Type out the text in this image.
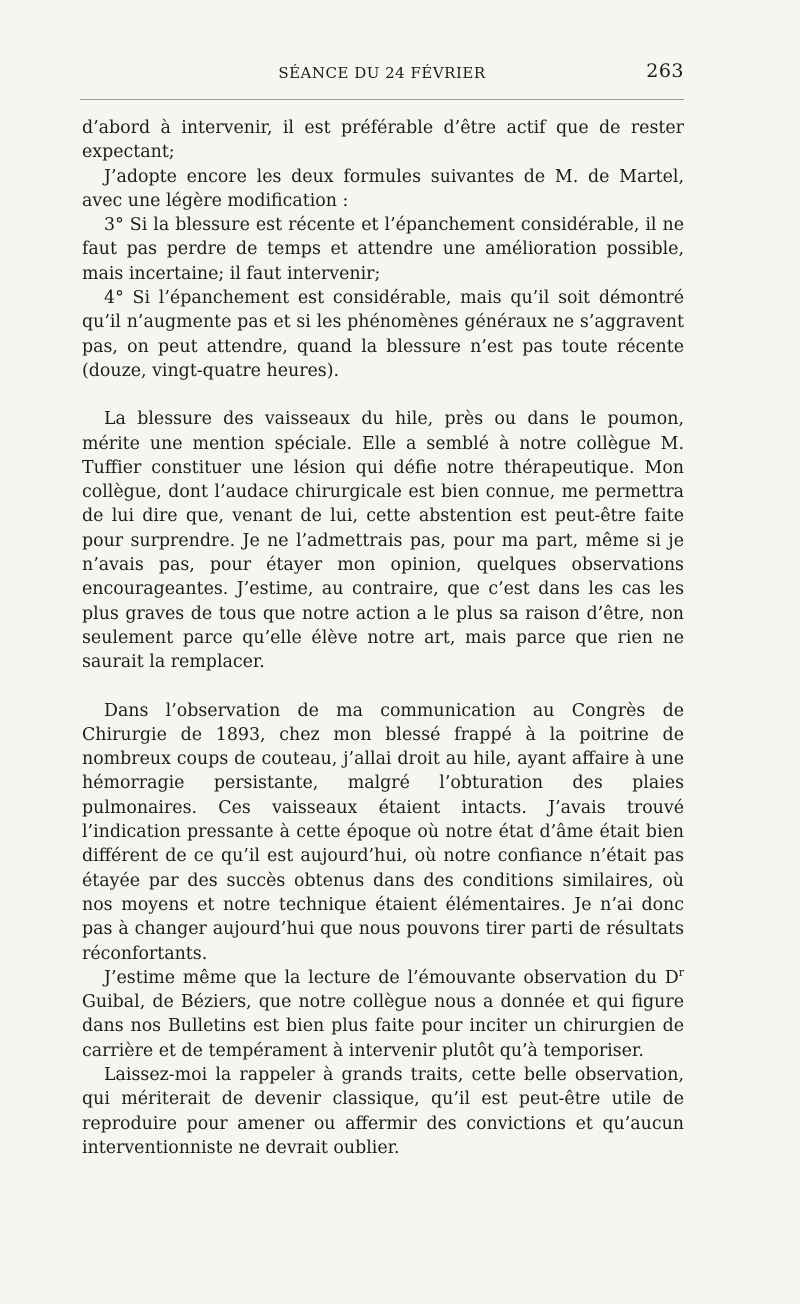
SÉANCE DU 24 FÉVRIER	263

d’abord à intervenir, il est préférable d’être actif que de rester expectant;

J’adopte encore les deux formules suivantes de M. de Martel, avec une légère modification :

3° Si la blessure est récente et l’épanchement considérable, il ne faut pas perdre de temps et attendre une amélioration possible, mais incertaine; il faut intervenir;

4° Si l’épanchement est considérable, mais qu’il soit démontré qu’il n’augmente pas et si les phénomènes généraux ne s’aggravent pas, on peut attendre, quand la blessure n’est pas toute récente (douze, vingt-quatre heures).

La blessure des vaisseaux du hile, près ou dans le poumon, mérite une mention spéciale. Elle a semblé à notre collègue M. Tuffier constituer une lésion qui défie notre thérapeutique. Mon collègue, dont l’audace chirurgicale est bien connue, me permettra de lui dire que, venant de lui, cette abstention est peut-être faite pour surprendre. Je ne l’admettrais pas, pour ma part, même si je n’avais pas, pour étayer mon opinion, quelques observations encourageantes. J’estime, au contraire, que c’est dans les cas les plus graves de tous que notre action a le plus sa raison d’être, non seulement parce qu’elle élève notre art, mais parce que rien ne saurait la remplacer.

Dans l’observation de ma communication au Congrès de Chirurgie de 1893, chez mon blessé frappé à la poitrine de nombreux coups de couteau, j’allai droit au hile, ayant affaire à une hémorragie persistante, malgré l’obturation des plaies pulmonaires. Ces vaisseaux étaient intacts. J’avais trouvé l’indication pressante à cette époque où notre état d’âme était bien différent de ce qu’il est aujourd’hui, où notre confiance n’était pas étayée par des succès obtenus dans des conditions similaires, où nos moyens et notre technique étaient élémentaires. Je n’ai donc pas à changer aujourd’hui que nous pouvons tirer parti de résultats réconfortants.

J’estime même que la lecture de l’émouvante observation du $D^r$ Guibal, de Béziers, que notre collègue nous a donnée et qui figure dans nos Bulletins est bien plus faite pour inciter un chirurgien de carrière et de tempérament à intervenir plutôt qu’à temporiser.

Laissez-moi la rappeler à grands traits, cette belle observation, qui mériterait de devenir classique, qu’il est peut-être utile de reproduire pour amener ou affermir des convictions et qu’aucun interventionniste ne devrait oublier.
